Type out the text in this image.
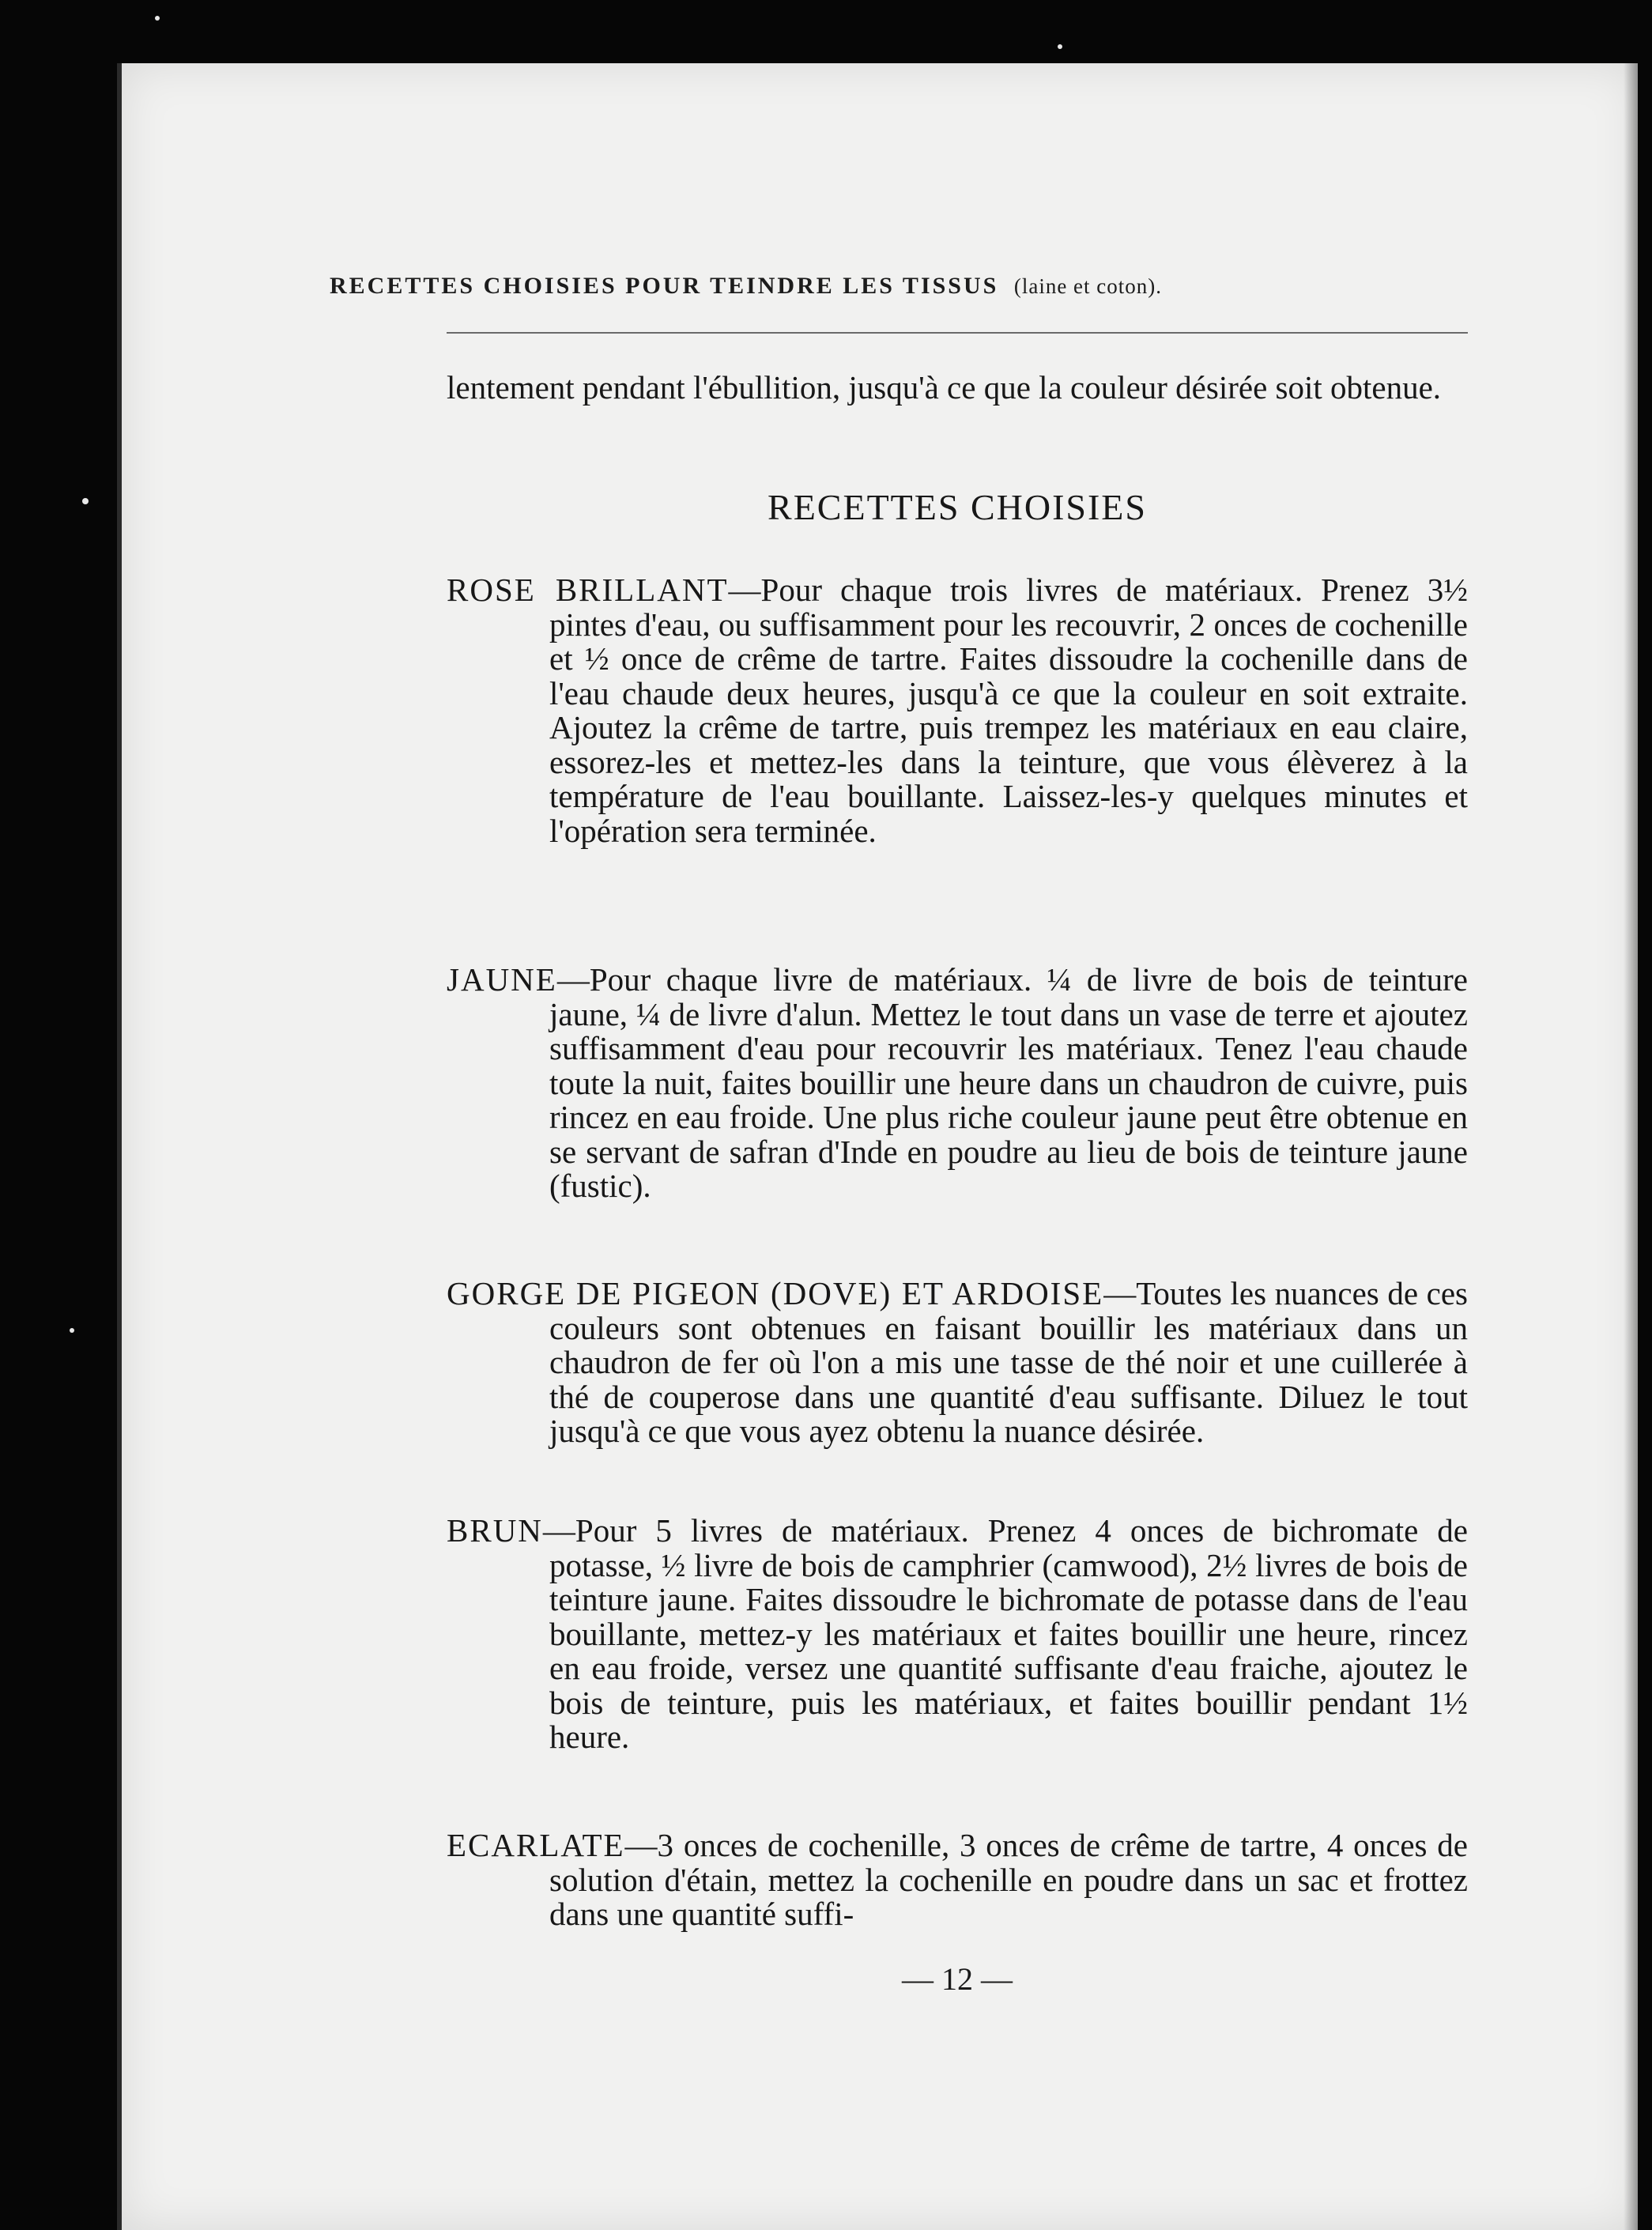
RECETTES CHOISIES POUR TEINDRE LES TISSUS (laine et coton).

lentement pendant l'ébullition, jusqu'à ce que la couleur désirée soit obtenue.

RECETTES CHOISIES

ROSE BRILLANT—Pour chaque trois livres de matériaux. Prenez 3½ pintes d'eau, ou suffisamment pour les recouvrir, 2 onces de cochenille et ½ once de crême de tartre. Faites dissoudre la cochenille dans de l'eau chaude deux heures, jusqu'à ce que la couleur en soit extraite. Ajoutez la crême de tartre, puis trempez les matériaux en eau claire, essorez-les et mettez-les dans la teinture, que vous élèverez à la température de l'eau bouillante. Laissez-les-y quelques minutes et l'opération sera terminée.

JAUNE—Pour chaque livre de matériaux. ¼ de livre de bois de teinture jaune, ¼ de livre d'alun. Mettez le tout dans un vase de terre et ajoutez suffisamment d'eau pour recouvrir les matériaux. Tenez l'eau chaude toute la nuit, faites bouillir une heure dans un chaudron de cuivre, puis rincez en eau froide. Une plus riche couleur jaune peut être obtenue en se servant de safran d'Inde en poudre au lieu de bois de teinture jaune (fustic).

GORGE DE PIGEON (DOVE) ET ARDOISE—Toutes les nuances de ces couleurs sont obtenues en faisant bouillir les matériaux dans un chaudron de fer où l'on a mis une tasse de thé noir et une cuillerée à thé de couperose dans une quantité d'eau suffisante. Diluez le tout jusqu'à ce que vous ayez obtenu la nuance désirée.

BRUN—Pour 5 livres de matériaux. Prenez 4 onces de bichromate de potasse, ½ livre de bois de camphrier (camwood), 2½ livres de bois de teinture jaune. Faites dissoudre le bichromate de potasse dans de l'eau bouillante, mettez-y les matériaux et faites bouillir une heure, rincez en eau froide, versez une quantité suffisante d'eau fraiche, ajoutez le bois de teinture, puis les matériaux, et faites bouillir pendant 1½ heure.

ECARLATE—3 onces de cochenille, 3 onces de crême de tartre, 4 onces de solution d'étain, mettez la cochenille en poudre dans un sac et frottez dans une quantité suffi-

— 12 —
